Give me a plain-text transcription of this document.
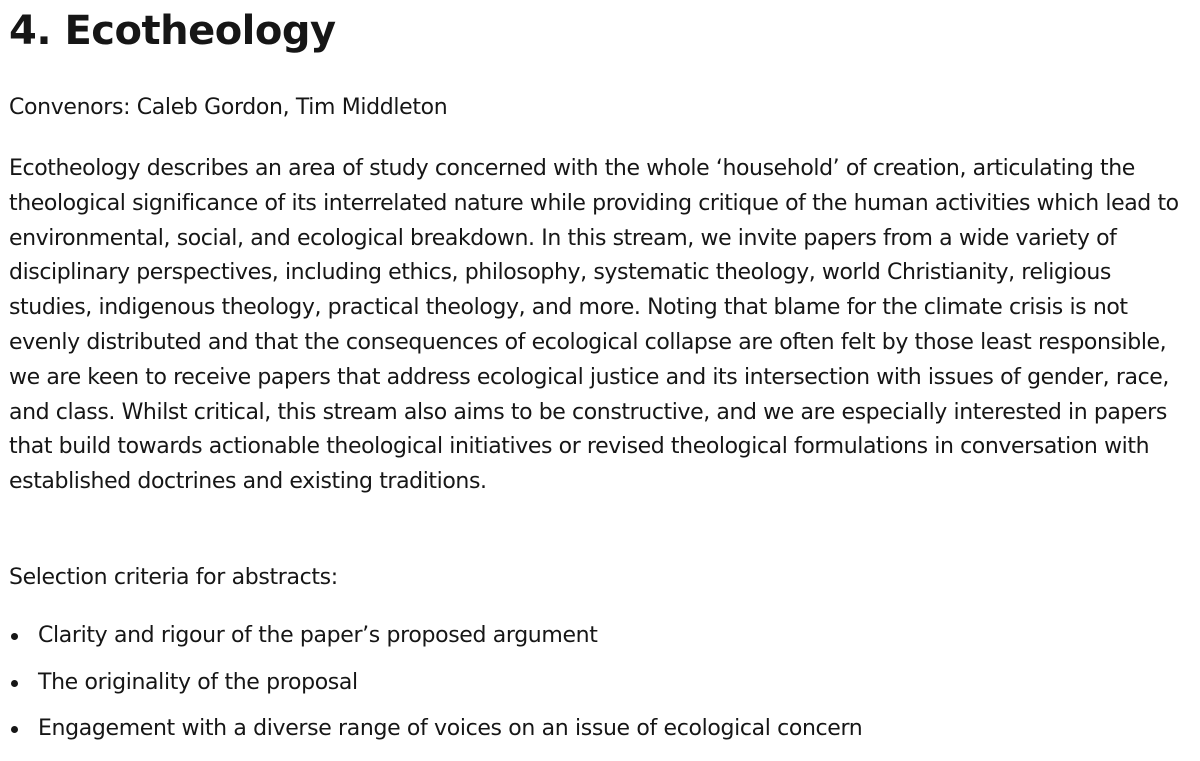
4. Ecotheology

Convenors: Caleb Gordon, Tim Middleton

Ecotheology describes an area of study concerned with the whole ‘household’ of creation, articulating the theological significance of its interrelated nature while providing critique of the human activities which lead to environmental, social, and ecological breakdown. In this stream, we invite papers from a wide variety of disciplinary perspectives, including ethics, philosophy, systematic theology, world Christianity, religious studies, indigenous theology, practical theology, and more. Noting that blame for the climate crisis is not evenly distributed and that the consequences of ecological collapse are often felt by those least responsible, we are keen to receive papers that address ecological justice and its intersection with issues of gender, race, and class. Whilst critical, this stream also aims to be constructive, and we are especially interested in papers that build towards actionable theological initiatives or revised theological formulations in conversation with established doctrines and existing traditions.

Selection criteria for abstracts:

Clarity and rigour of the paper’s proposed argument
The originality of the proposal
Engagement with a diverse range of voices on an issue of ecological concern
